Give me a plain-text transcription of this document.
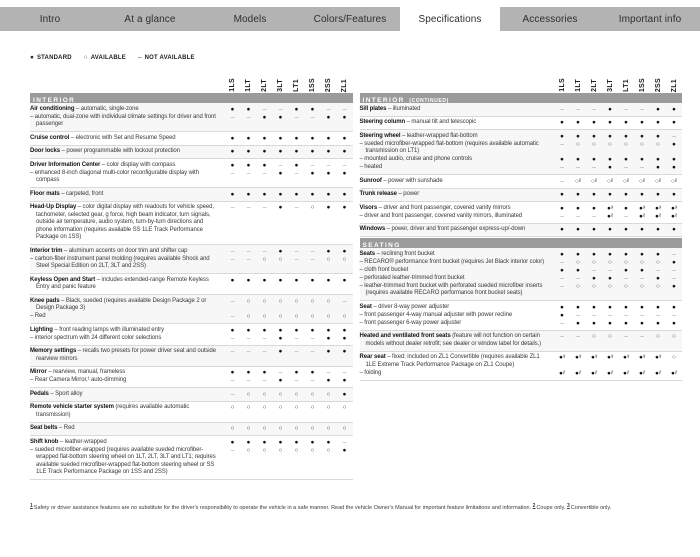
Intro	At a glance	Models	Colors/Features	Specifications	Accessories	Important info
● STANDARD ○ AVAILABLE – NOT AVAILABLE
1LS 1LT 2LT 3LT LT1 1SS 2SS ZL1
INTERIOR
Air conditioning – automatic, single-zone	●	●	–	–	●	●	–	–
– automatic, dual-zone with individual climate settings for driver and front passenger
–	–	●	●	–	–	●	●
Cruise control – electronic with Set and Resume Speed	●	●	●	●	●	●	●	●
Door locks – power programmable with lockout protection	●	●	●	●	●	●	●	●
Driver Information Center – color display with compass	●	●	●	–	●	–	–	–
– enhanced 8-inch diagonal multi-color reconfigurable display with compass
–	–	–	●	–	●	●	●
Floor mats – carpeted, front	●	●	●	●	●	●	●	●
Head-Up Display – color digital display with readouts for vehicle speed, tachometer, selected gear, g force, high beam indicator, turn signals, outside air temperature, audio system, turn-by-turn directions and phone information (requires available SS 1LE Track Performance Package on 1SS)
–	–	–	●	–	○	●	●
Interior trim – aluminum accents on door trim and shifter cap	–	–	–	●	–	–	●	●
– carbon-fiber instrument panel molding (requires available Shock and Steel Special Edition on 2LT, 3LT and 2SS)
–	–	○	○	–	–	○	○
Keyless Open and Start – includes extended-range Remote Keyless Entry and panic feature
●	●	●	●	●	●	●	●
Knee pads – Black, sueded (requires available Design Package 2 or Design Package 3)
–	○	○	○	○	○	○	–
– Red	–	○	○	○	○	○	○	○
Lighting – front reading lamps with illuminated entry	●	●	●	●	●	●	●	●
– interior spectrum with 24 different color selections	–	–	–	●	–	–	●	●
Memory settings – recalls two presets for power driver seat and outside rearview mirrors
–	–	–	●	–	–	●	●
Mirror – rearview, manual, frameless	●	●	●	–	●	●	–	–
– Rear Camera Mirror,¹ auto-dimming	–	–	–	●	–	–	●	●
Pedals – Sport alloy	–	○	○	○	○	○	○	●
Remote vehicle starter system (requires available automatic transmission)
○	○	○	○	○	○	○	○
Seat belts – Red	○	○	○	○	○	○	○	○
Shift knob – leather-wrapped	●	●	●	●	●	●	●	–
– sueded microfiber-wrapped (requires available sueded microfiber-wrapped flat-bottom steering wheel on 1LT, 2LT, 3LT and LT1; requires available sueded microfiber-wrapped flat-bottom steering wheel or SS 1LE Track Performance Package on 1SS and 2SS)
–	○	○	○	○	○	○	●
1LS 1LT 2LT 3LT LT1 1SS 2SS ZL1
INTERIOR (CONTINUED)
Sill plates – illuminated	–	–	–	●	–	–	●	●
Steering column – manual tilt and telescopic	●	●	●	●	●	●	●	●
Steering wheel – leather-wrapped flat-bottom	●	●	●	●	●	●	●	–
– sueded microfiber-wrapped flat-bottom (requires available automatic transmission on LT1)
–	○	○	○	○	○	○	●
– mounted audio, cruise and phone controls	●	●	●	●	●	●	●	●
– heated	–	–	–	●	–	–	●	●
Sunroof – power with sunshade	–	○²	○²	○²	○²	○²	○²	○²
Trunk release – power	●	●	●	●	●	●	●	●
Visors – driver and front passenger, covered vanity mirrors	●	●	●	●³	●	●³	●³	●³
– driver and front passenger, covered vanity mirrors, illuminated	–	–	–	●²	–	●²	●²	●²
Windows – power, driver and front passenger express-up/-down	●	●	●	●	●	●	●	●
SEATING
Seats – reclining front bucket	●	●	●	●	●	●	●	–
– RECARO® performance front bucket (requires Jet Black interior color)	–	○	○	○	○	○	○	●
– cloth front bucket	●	●	–	–	●	●	–	–
– perforated leather-trimmed front bucket	–	–	●	●	–	–	●	–
– leather-trimmed front bucket with perforated sueded microfiber inserts (requires available RECARO performance front bucket seats)
–	○	○	○	○	○	○	●
Seat – driver 8-way power adjuster	●	●	●	●	●	●	●	●
– front passenger 4-way manual adjuster with power recline	●	–	–	–	–	–	–	–
– front passenger 6-way power adjuster	–	●	●	●	●	●	●	●
Heated and ventilated front seats (feature will not function on certain models without dealer retrofit; see dealer or window label for details.)
–	–	○	○	–	–	○	○
Rear seat – fixed; included on ZL1 Convertible (requires available ZL1 1LE Extreme Track Performance Package on ZL1 Coupe)
●³	●³	●³	●³	●³	●³	●³	○
– folding	●²	●²	●²	●²	●²	●²	●²	●²
1Safety or driver assistance features are no substitute for the driver's responsibility to operate the vehicle in a safe manner. Read the vehicle Owner's Manual for important feature limitations and information. 2Coupe only. 3Convertible only.
